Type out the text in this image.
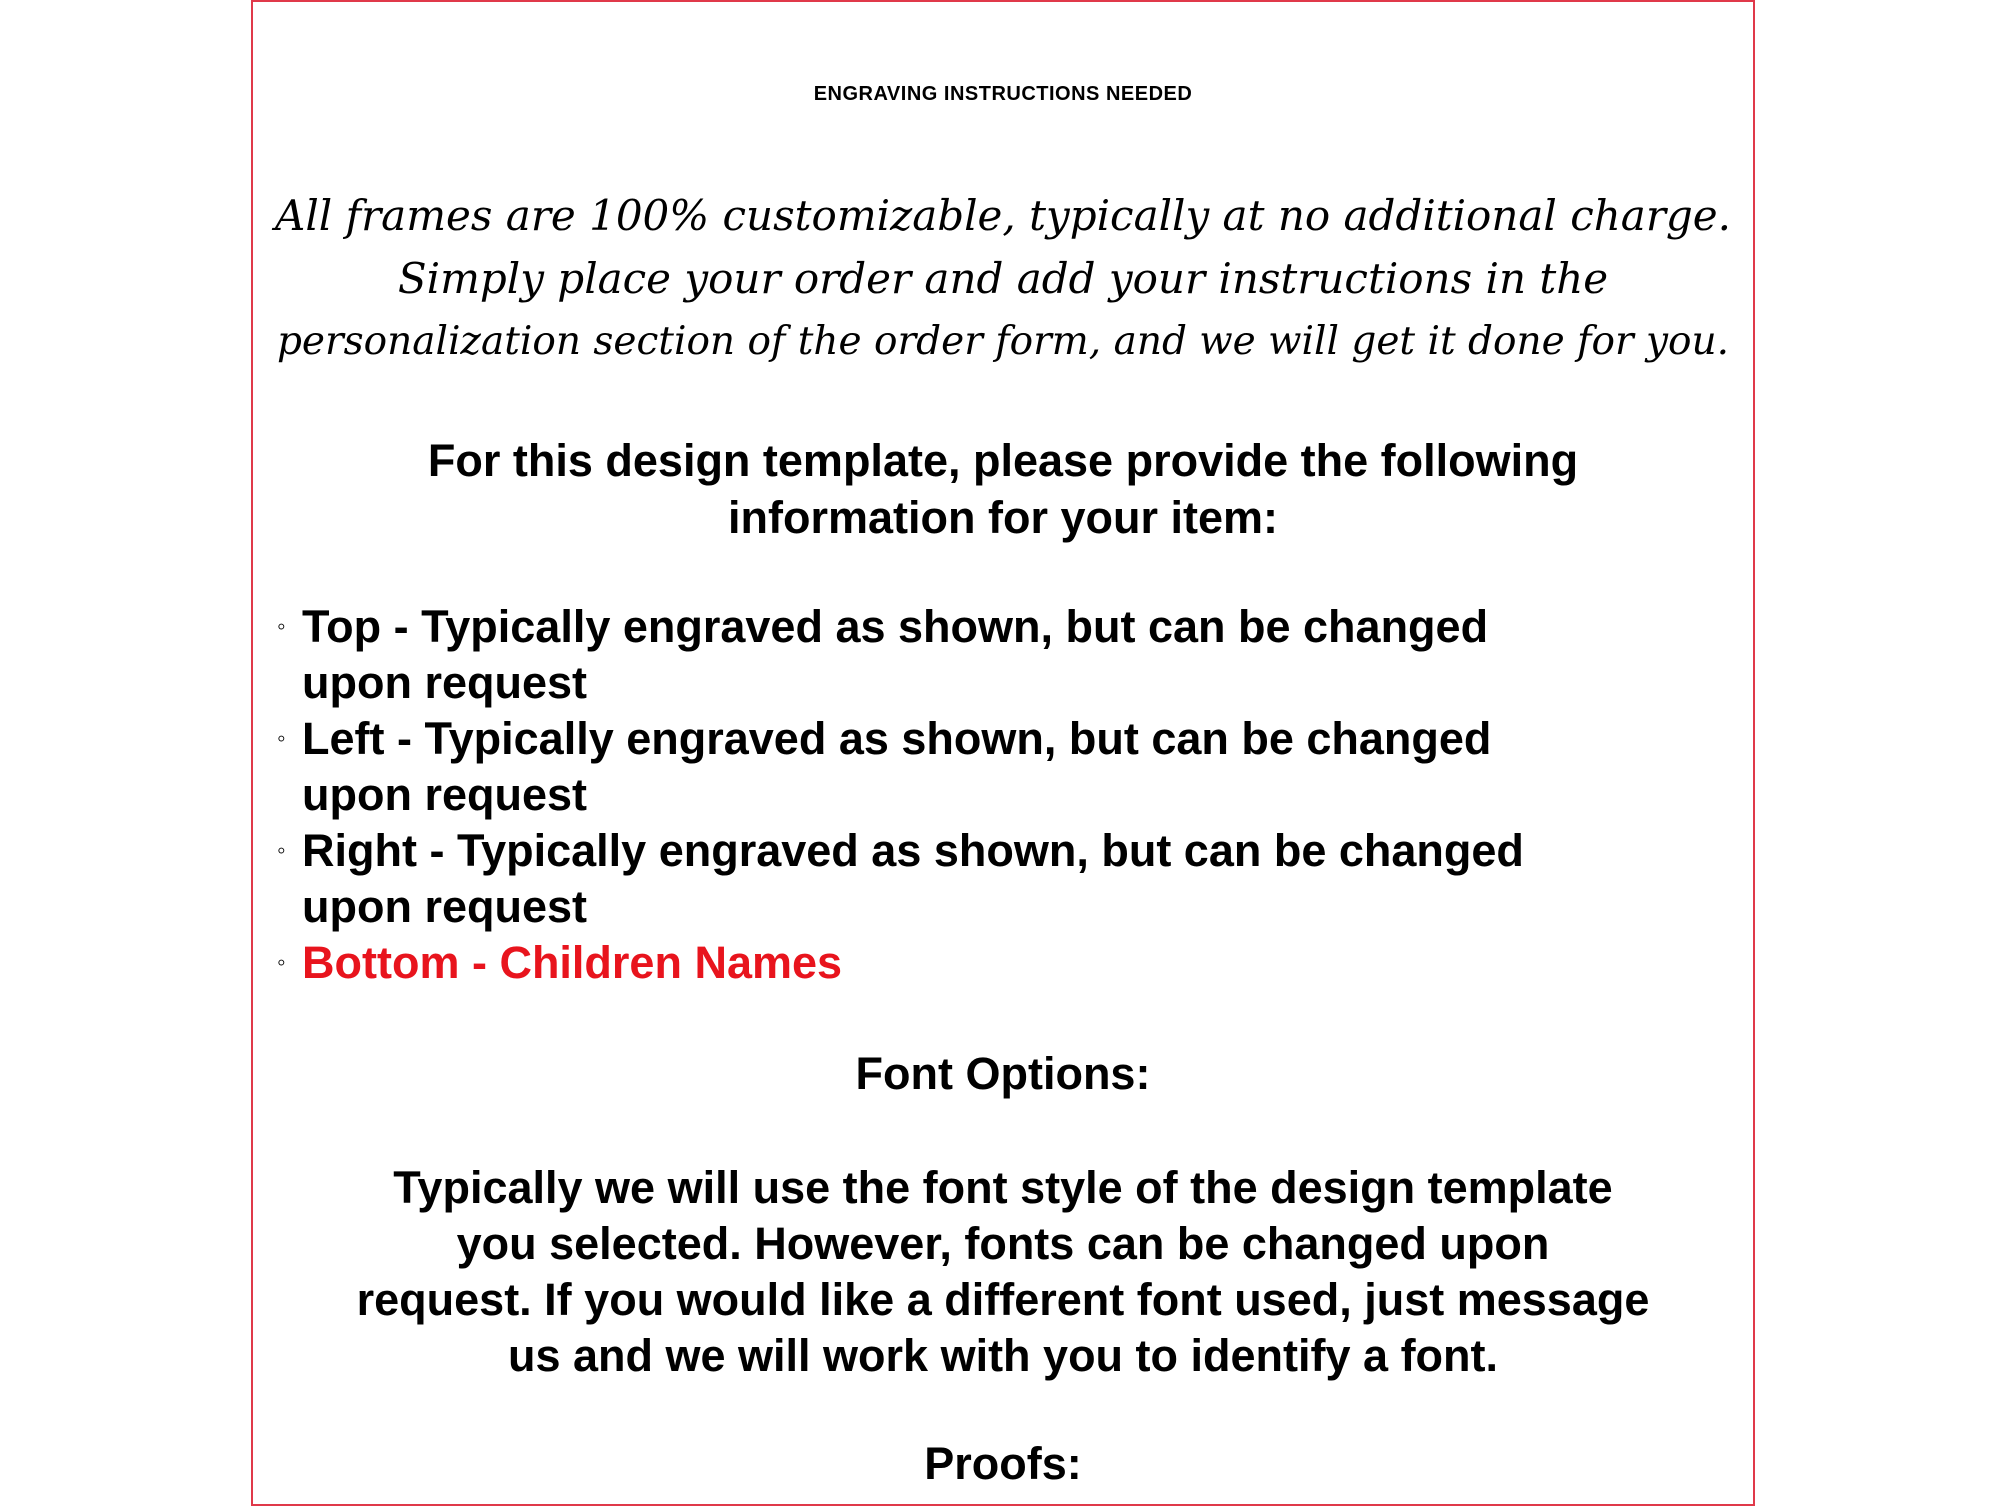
ENGRAVING INSTRUCTIONS NEEDED
All frames are 100% customizable, typically at no additional charge.
Simply place your order and add your instructions in the
personalization section of the order form, and we will get it done for you.
For this design template, please provide the following
information for your item:
◦ Top - Typically engraved as shown, but can be changed
upon request
◦ Left - Typically engraved as shown, but can be changed
upon request
◦ Right - Typically engraved as shown, but can be changed
upon request
◦ Bottom - Children Names
Font Options:
Typically we will use the font style of the design template
you selected. However, fonts can be changed upon
request. If you would like a different font used, just message
us and we will work with you to identify a font.
Proofs:
